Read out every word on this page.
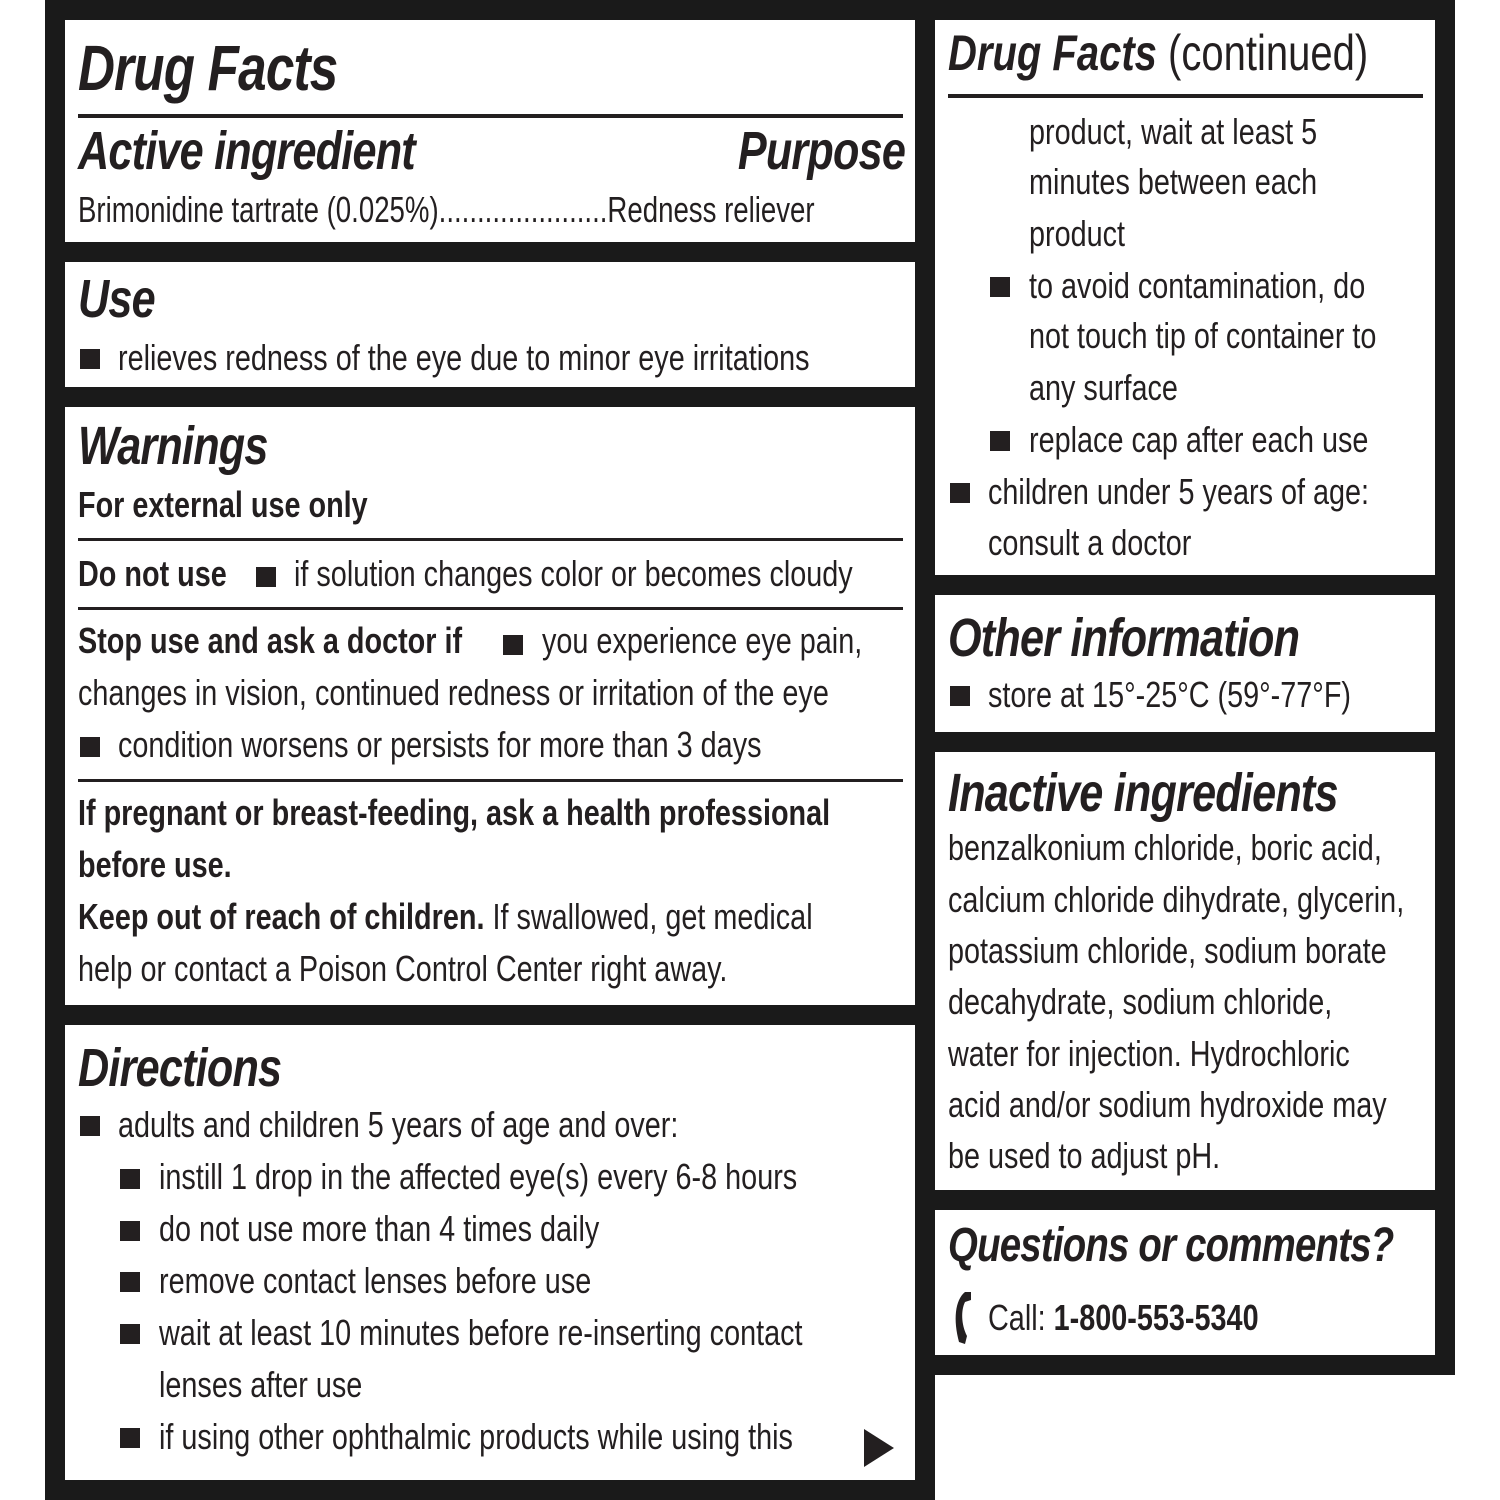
Drug Facts
Active ingredient	Purpose
Brimonidine tartrate (0.025%)......................Redness reliever
Use
relieves redness of the eye due to minor eye irritations
Warnings
For external use only
Do not use if solution changes color or becomes cloudy
Stop use and ask a doctor if you experience eye pain,
changes in vision, continued redness or irritation of the eye
condition worsens or persists for more than 3 days
If pregnant or breast-feeding, ask a health professional
before use.
Keep out of reach of children. If swallowed, get medical
help or contact a Poison Control Center right away.
Directions
adults and children 5 years of age and over:
instill 1 drop in the affected eye(s) every 6-8 hours
do not use more than 4 times daily
remove contact lenses before use
wait at least 10 minutes before re-inserting contact
lenses after use
if using other ophthalmic products while using this
Drug Facts (continued)
product, wait at least 5
minutes between each
product
to avoid contamination, do
not touch tip of container to
any surface
replace cap after each use
children under 5 years of age:
consult a doctor
Other information
store at 15°-25°C (59°-77°F)
Inactive ingredients
benzalkonium chloride, boric acid,
calcium chloride dihydrate, glycerin,
potassium chloride, sodium borate
decahydrate, sodium chloride,
water for injection. Hydrochloric
acid and/or sodium hydroxide may
be used to adjust pH.
Questions or comments?
Call: 1-800-553-5340
